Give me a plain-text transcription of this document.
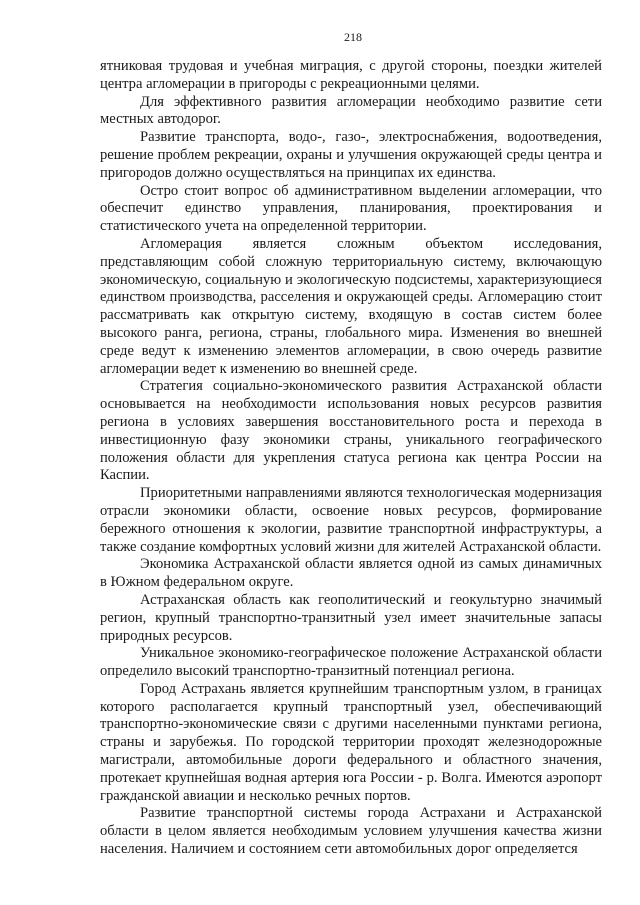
218

ятниковая трудовая и учебная миграция, с другой стороны, поездки жителей центра агломерации в пригороды с рекреационными целями.

Для эффективного развития агломерации необходимо развитие сети местных автодорог.

Развитие транспорта, водо-, газо-, электроснабжения, водоотведения, решение проблем рекреации, охраны и улучшения окружающей среды центра и пригородов должно осуществляться на принципах их единства.

Остро стоит вопрос об административном выделении агломерации, что обеспечит единство управления, планирования, проектирования и статистического учета на определенной территории.

Агломерация является сложным объектом исследования, представляющим собой сложную территориальную систему, включающую экономическую, социальную и экологическую подсистемы, характеризующиеся единством производства, расселения и окружающей среды. Агломерацию стоит рассматривать как открытую систему, входящую в состав систем более высокого ранга, региона, страны, глобального мира. Изменения во внешней среде ведут к изменению элементов агломерации, в свою очередь развитие агломерации ведет к изменению во внешней среде.

Стратегия социально-экономического развития Астраханской области основывается на необходимости использования новых ресурсов развития региона в условиях завершения восстановительного роста и перехода в инвестиционную фазу экономики страны, уникального географического положения области для укрепления статуса региона как центра России на Каспии.

Приоритетными направлениями являются технологическая модернизация отрасли экономики области, освоение новых ресурсов, формирование бережного отношения к экологии, развитие транспортной инфраструктуры, а также создание комфортных условий жизни для жителей Астраханской области.

Экономика Астраханской области является одной из самых динамичных в Южном федеральном округе.

Астраханская область как геополитический и геокультурно значимый регион, крупный транспортно-транзитный узел имеет значительные запасы природных ресурсов.

Уникальное экономико-географическое положение Астраханской области определило высокий транспортно-транзитный потенциал региона.

Город Астрахань является крупнейшим транспортным узлом, в границах которого располагается крупный транспортный узел, обеспечивающий транспортно-экономические связи с другими населенными пунктами региона, страны и зарубежья. По городской территории проходят железнодорожные магистрали, автомобильные дороги федерального и областного значения, протекает крупнейшая водная артерия юга России - р. Волга. Имеются аэропорт гражданской авиации и несколько речных портов.

Развитие транспортной системы города Астрахани и Астраханской области в целом является необходимым условием улучшения качества жизни населения. Наличием и состоянием сети автомобильных дорог определяется
